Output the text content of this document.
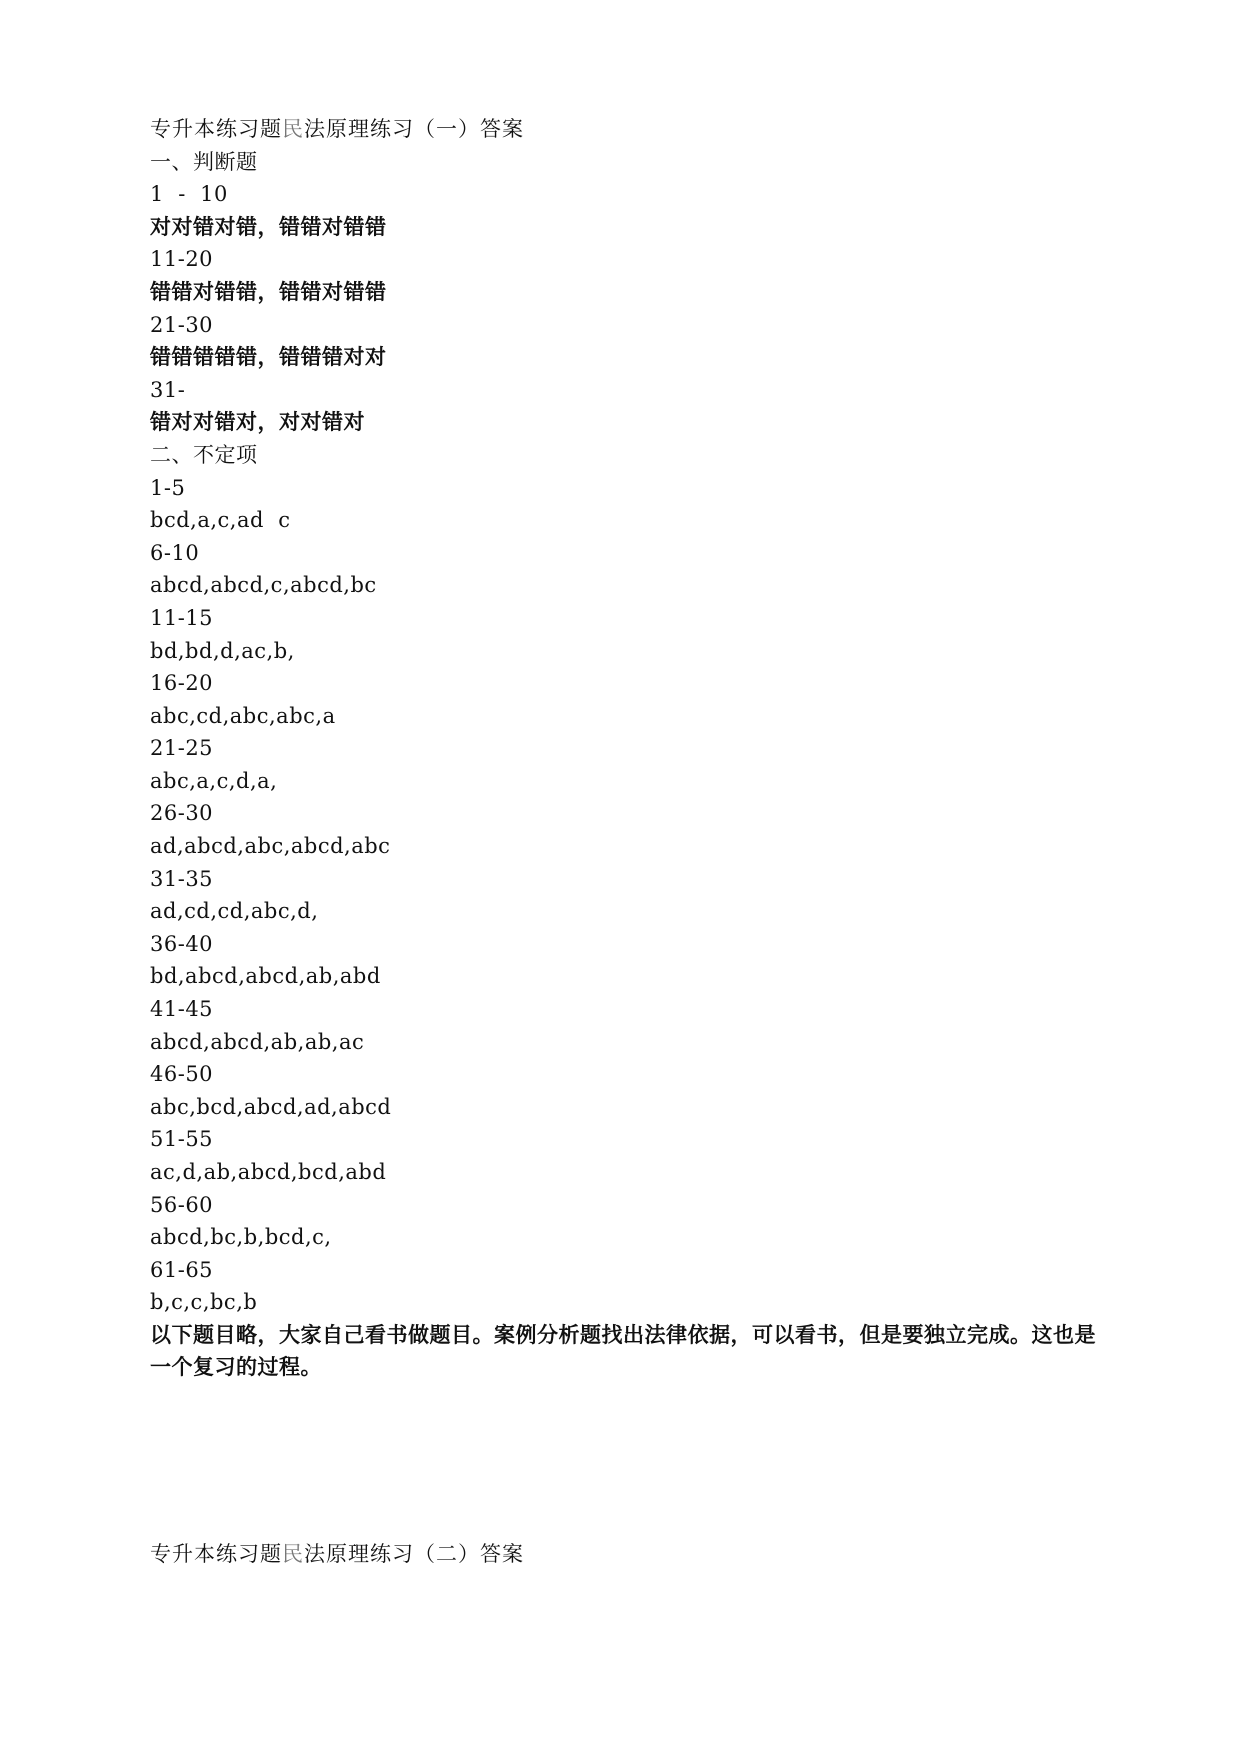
专升本练习题民法原理练习（一）答案
一、判断题
1  -  10
对对错对错，错错对错错
11-20
错错对错错，错错对错错
21-30
错错错错错，错错错对对
31-
错对对错对，对对错对
二、不定项
1-5
bcd,a,c,ad  c
6-10
abcd,abcd,c,abcd,bc
11-15
bd,bd,d,ac,b,
16-20
abc,cd,abc,abc,a
21-25
abc,a,c,d,a,
26-30
ad,abcd,abc,abcd,abc
31-35
ad,cd,cd,abc,d,
36-40
bd,abcd,abcd,ab,abd
41-45
abcd,abcd,ab,ab,ac
46-50
abc,bcd,abcd,ad,abcd
51-55
ac,d,ab,abcd,bcd,abd
56-60
abcd,bc,b,bcd,c,
61-65
b,c,c,bc,b
以下题目略，大家自己看书做题目。案例分析题找出法律依据，可以看书，但是要独立完成。这也是一个复习的过程。
专升本练习题民法原理练习（二）答案
